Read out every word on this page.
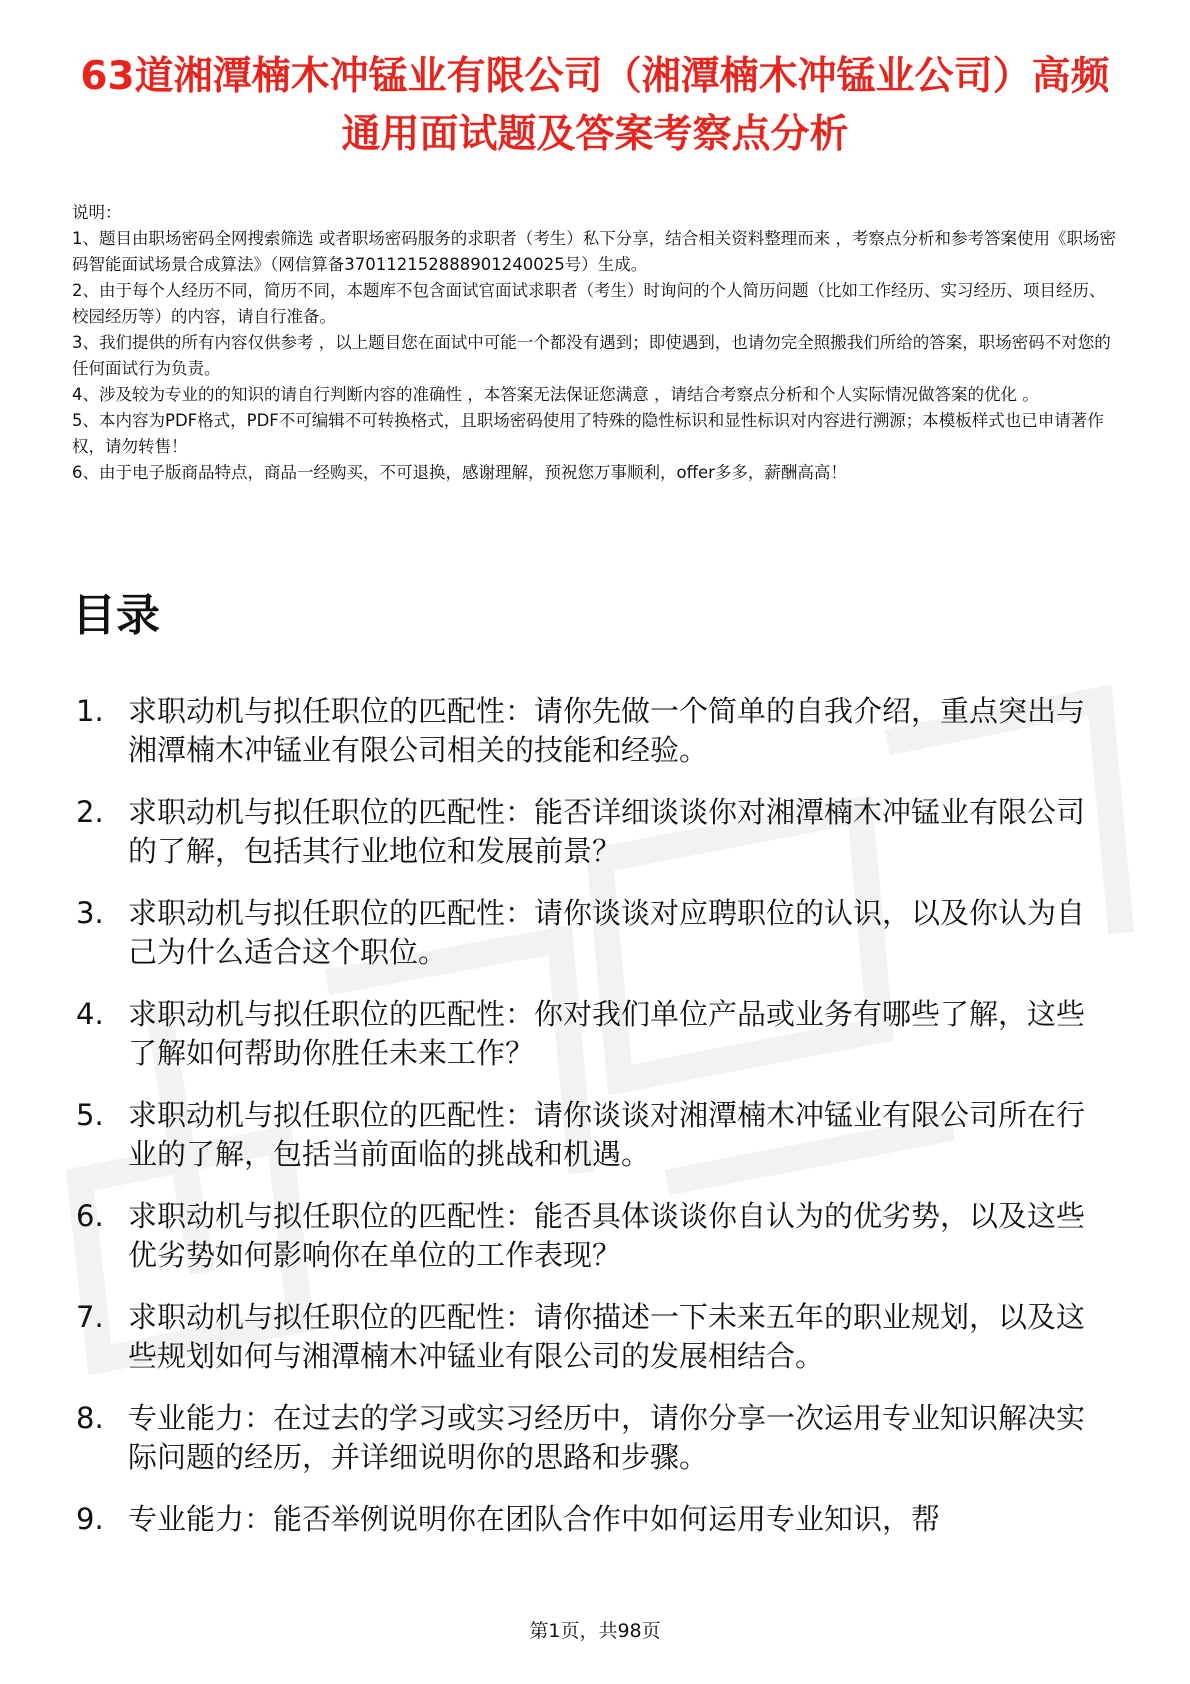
63道湘潭楠木冲锰业有限公司（湘潭楠木冲锰业公司）高频通用面试题及答案考察点分析

说明：

1、题目由职场密码全网搜索筛选 或者职场密码服务的求职者（考生）私下分享，结合相关资料整理而来 ，考察点分析和参考答案使用《职场密码智能面试场景合成算法》（网信算备370112152888901240025号）生成。

2、由于每个人经历不同，简历不同，本题库不包含面试官面试求职者（考生）时询问的个人简历问题（比如工作经历、实习经历、项目经历、校园经历等）的内容，请自行准备。

3、我们提供的所有内容仅供参考 ，以上题目您在面试中可能一个都没有遇到；即使遇到，也请勿完全照搬我们所给的答案，职场密码不对您的任何面试行为负责。

4、涉及较为专业的的知识的请自行判断内容的准确性 ，本答案无法保证您满意 ，请结合考察点分析和个人实际情况做答案的优化 。

5、本内容为PDF格式，PDF不可编辑不可转换格式，且职场密码使用了特殊的隐性标识和显性标识对内容进行溯源；本模板样式也已申请著作权，请勿转售！

6、由于电子版商品特点，商品一经购买，不可退换，感谢理解，预祝您万事顺利，offer多多，薪酬高高！

目录
1. 求职动机与拟任职位的匹配性：请你先做一个简单的自我介绍，重点突出与湘潭楠木冲锰业有限公司相关的技能和经验。
2. 求职动机与拟任职位的匹配性：能否详细谈谈你对湘潭楠木冲锰业有限公司的了解，包括其行业地位和发展前景？
3. 求职动机与拟任职位的匹配性：请你谈谈对应聘职位的认识，以及你认为自己为什么适合这个职位。
4. 求职动机与拟任职位的匹配性：你对我们单位产品或业务有哪些了解，这些了解如何帮助你胜任未来工作？
5. 求职动机与拟任职位的匹配性：请你谈谈对湘潭楠木冲锰业有限公司所在行业的了解，包括当前面临的挑战和机遇。
6. 求职动机与拟任职位的匹配性：能否具体谈谈你自认为的优劣势，以及这些优劣势如何影响你在单位的工作表现？
7. 求职动机与拟任职位的匹配性：请你描述一下未来五年的职业规划，以及这些规划如何与湘潭楠木冲锰业有限公司的发展相结合。
8. 专业能力：在过去的学习或实习经历中，请你分享一次运用专业知识解决实际问题的经历，并详细说明你的思路和步骤。
9. 专业能力：能否举例说明你在团队合作中如何运用专业知识，帮
第1页，共98页
